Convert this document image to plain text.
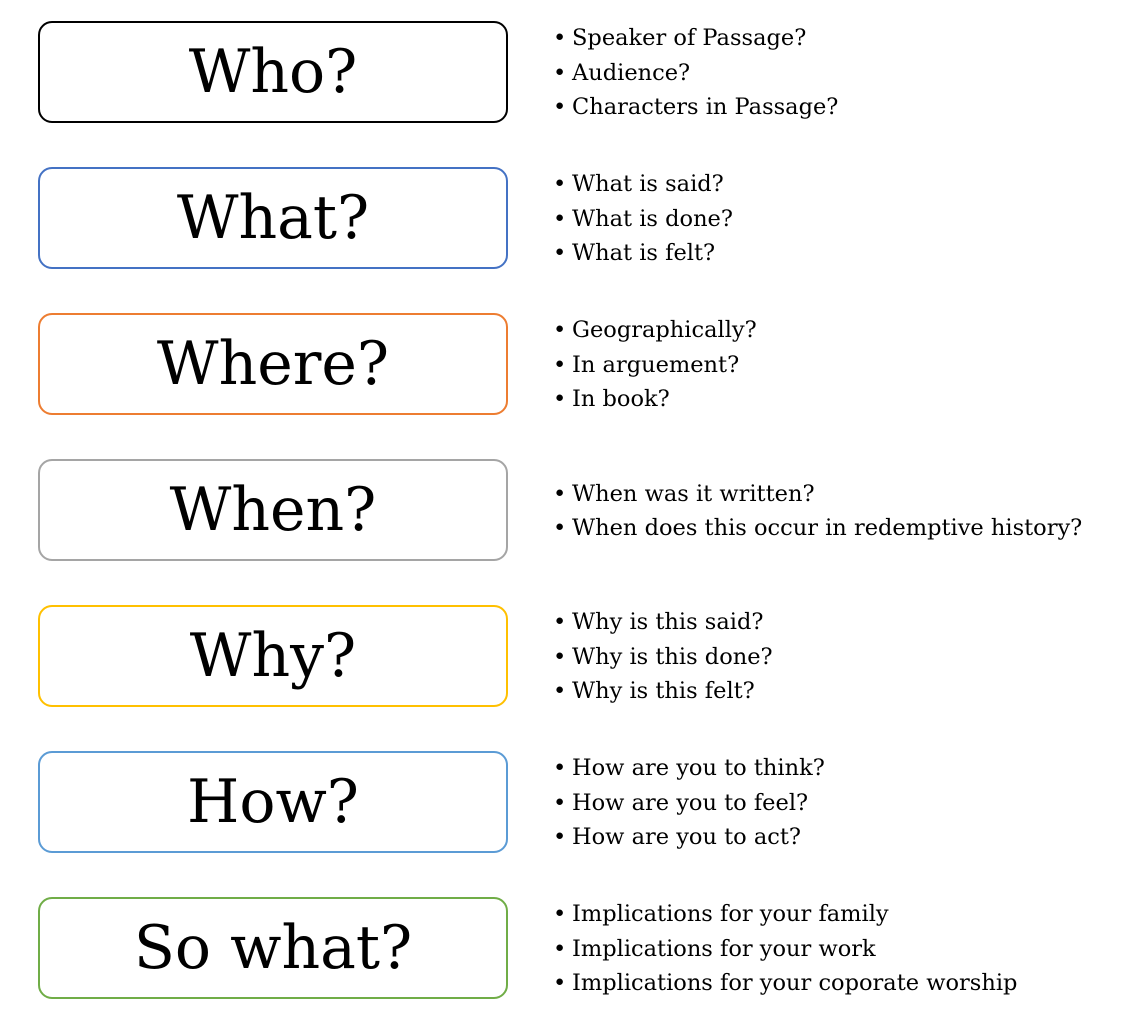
Who?	• Speaker of Passage?
• Audience?
• Characters in Passage?
What?	• What is said?
• What is done?
• What is felt?
Where?	• Geographically?
• In arguement?
• In book?
When?	• When was it written?
• When does this occur in redemptive history?
Why?	• Why is this said?
• Why is this done?
• Why is this felt?
How?	• How are you to think?
• How are you to feel?
• How are you to act?
So what?	• Implications for your family
• Implications for your work
• Implications for your coporate worship
